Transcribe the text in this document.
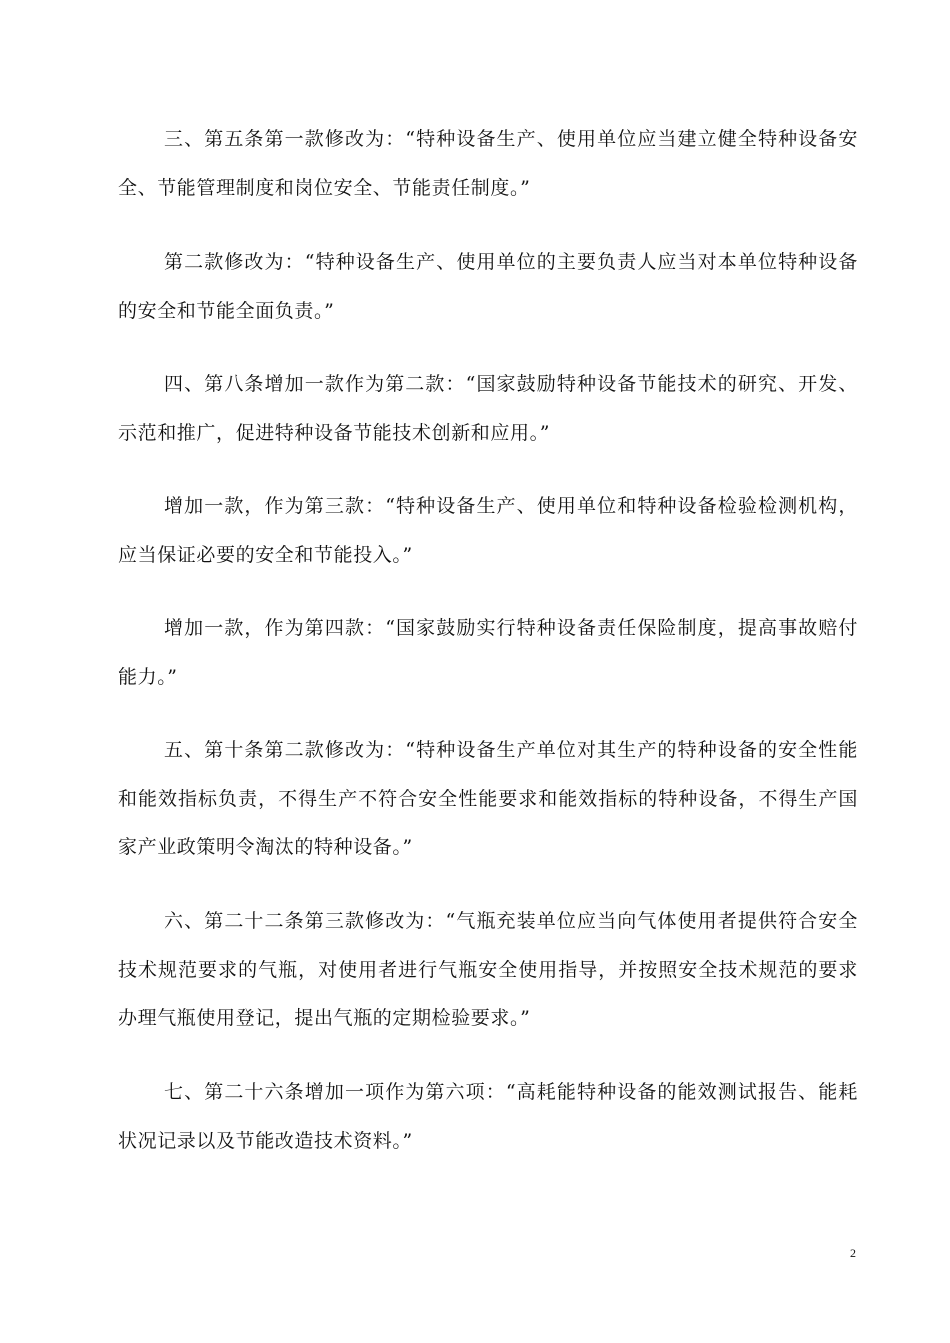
三、第五条第一款修改为：“特种设备生产、使用单位应当建立健全特种设备安全、节能管理制度和岗位安全、节能责任制度。”

第二款修改为：“特种设备生产、使用单位的主要负责人应当对本单位特种设备的安全和节能全面负责。”

四、第八条增加一款作为第二款：“国家鼓励特种设备节能技术的研究、开发、示范和推广，促进特种设备节能技术创新和应用。”

增加一款，作为第三款：“特种设备生产、使用单位和特种设备检验检测机构，应当保证必要的安全和节能投入。”

增加一款，作为第四款：“国家鼓励实行特种设备责任保险制度，提高事故赔付能力。”

五、第十条第二款修改为：“特种设备生产单位对其生产的特种设备的安全性能和能效指标负责，不得生产不符合安全性能要求和能效指标的特种设备，不得生产国家产业政策明令淘汰的特种设备。”

六、第二十二条第三款修改为：“气瓶充装单位应当向气体使用者提供符合安全技术规范要求的气瓶，对使用者进行气瓶安全使用指导，并按照安全技术规范的要求办理气瓶使用登记，提出气瓶的定期检验要求。”

七、第二十六条增加一项作为第六项：“高耗能特种设备的能效测试报告、能耗状况记录以及节能改造技术资料。”

2
